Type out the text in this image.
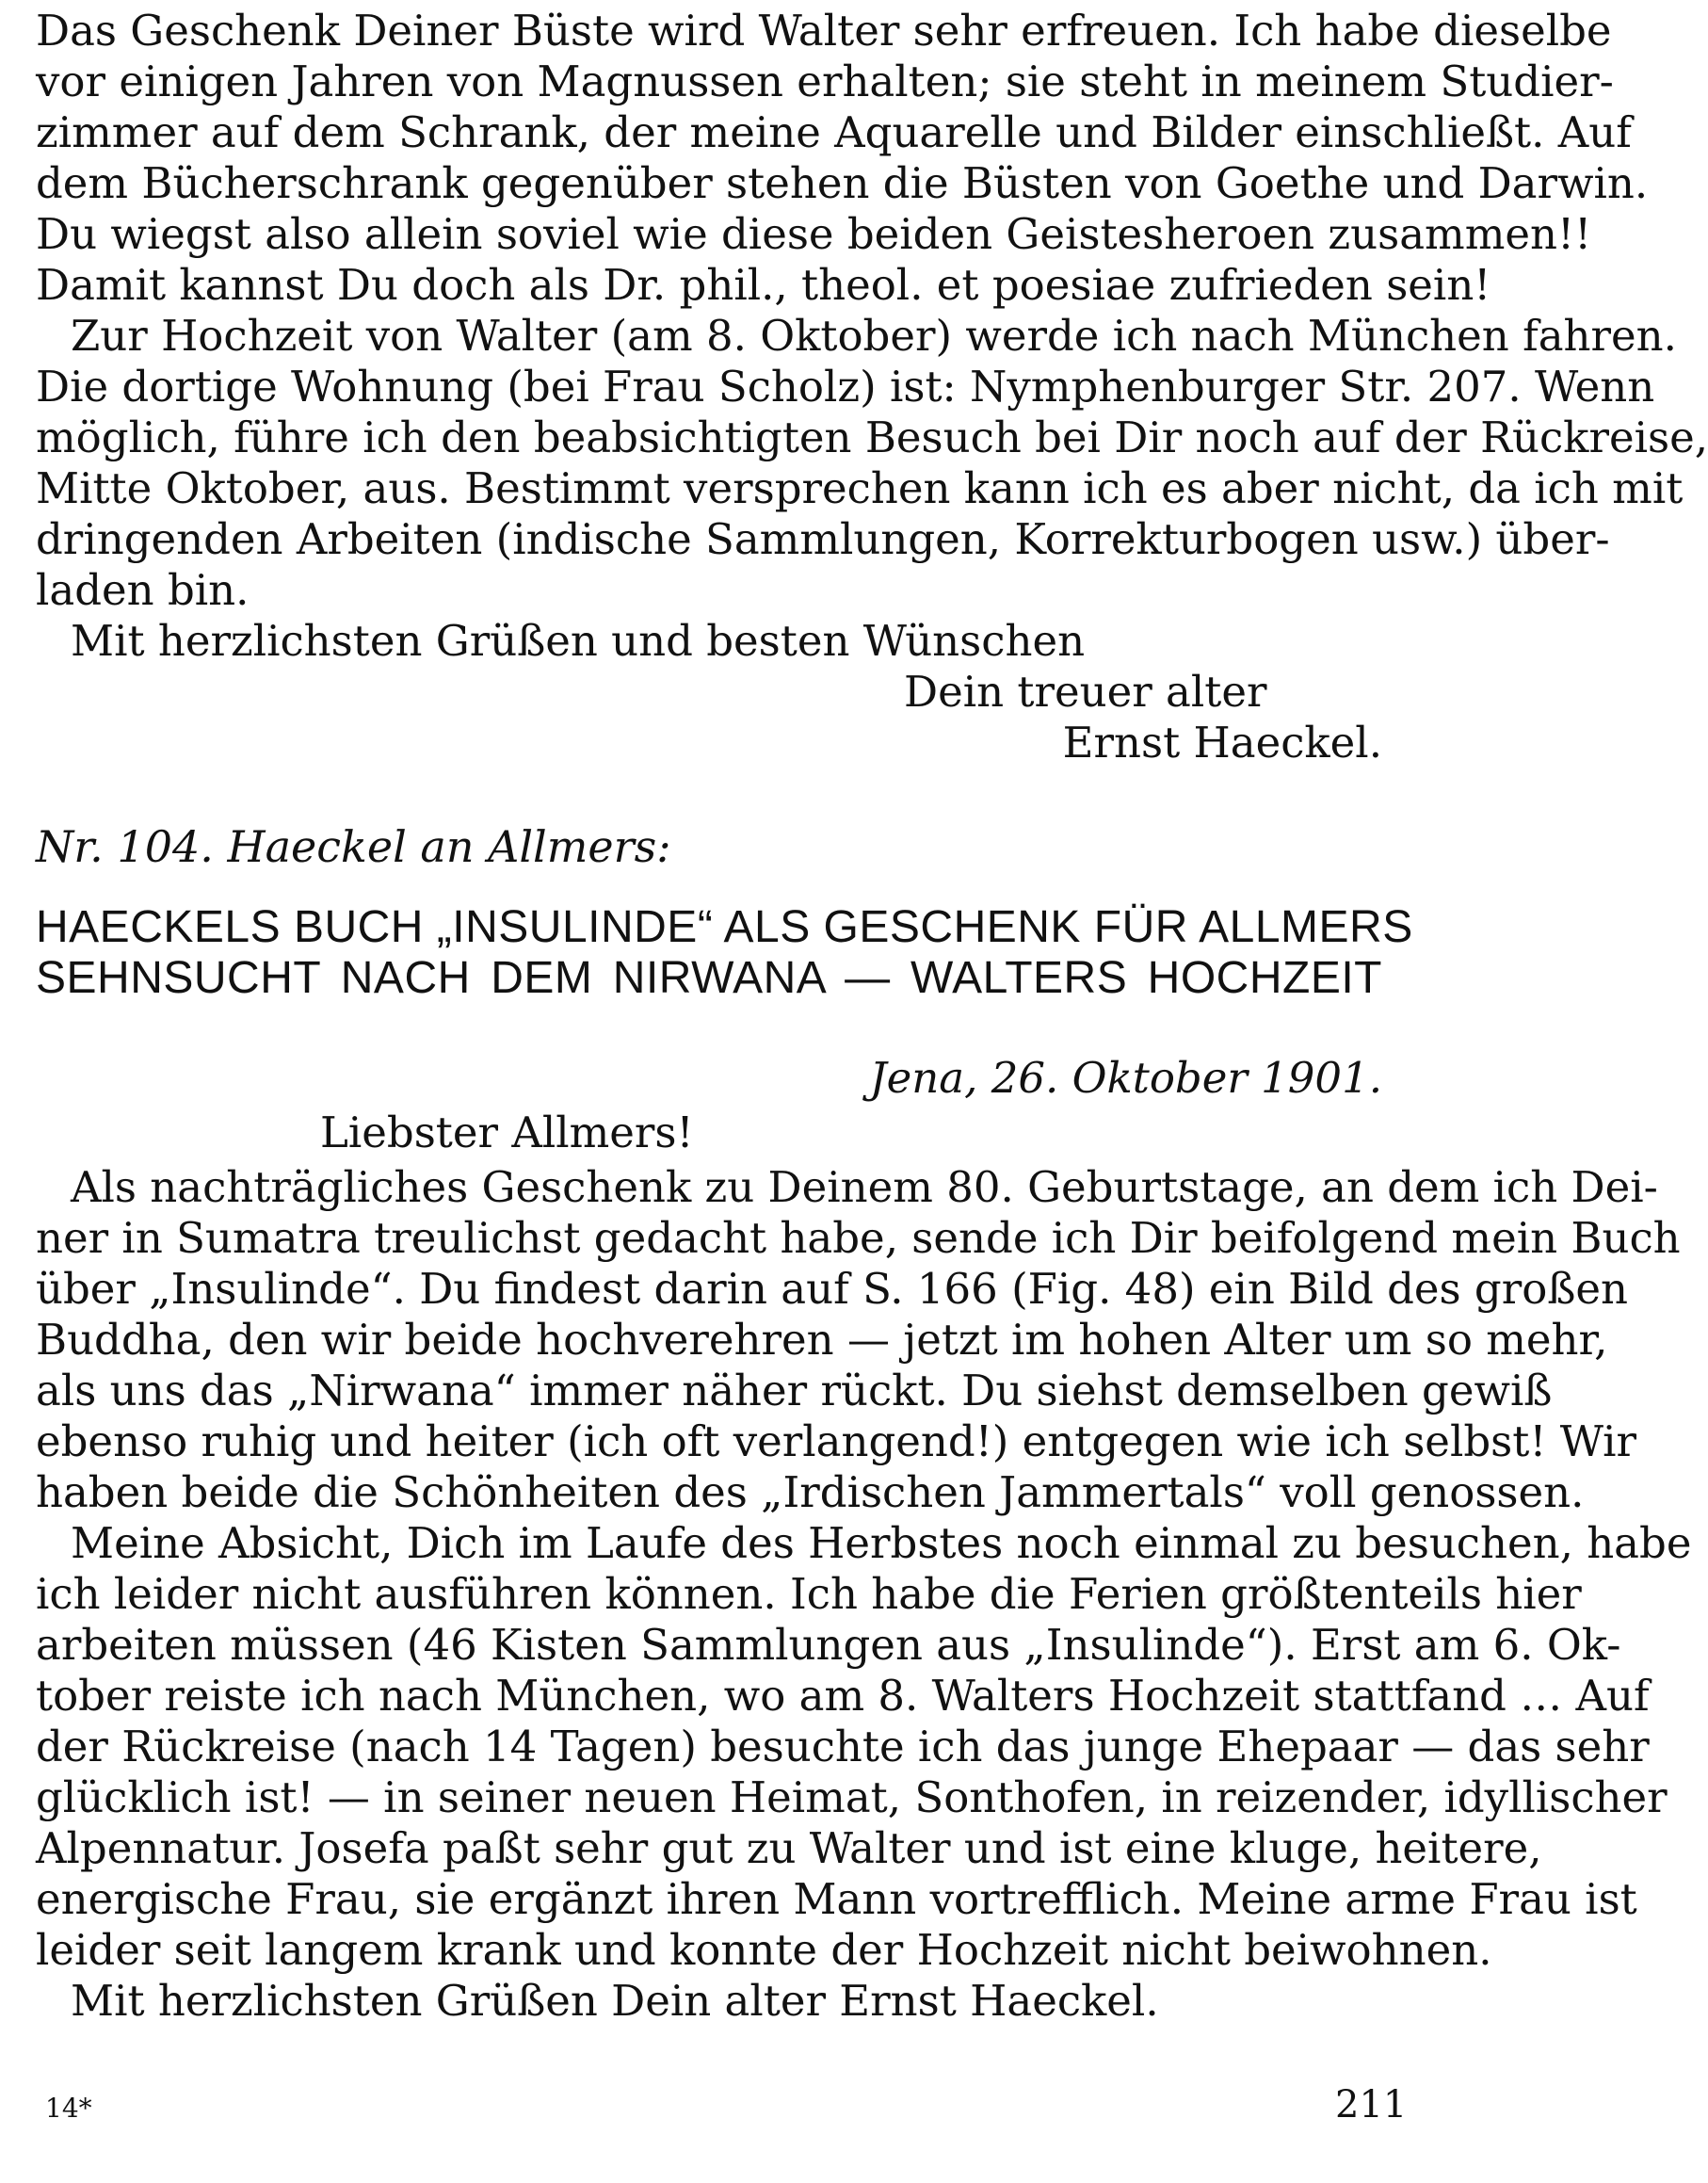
Das Geschenk Deiner Büste wird Walter sehr erfreuen. Ich habe dieselbe
vor einigen Jahren von Magnussen erhalten; sie steht in meinem Studier-
zimmer auf dem Schrank, der meine Aquarelle und Bilder einschließt. Auf
dem Bücherschrank gegenüber stehen die Büsten von Goethe und Darwin.
Du wiegst also allein soviel wie diese beiden Geistesheroen zusammen!!
Damit kannst Du doch als Dr. phil., theol. et poesiae zufrieden sein!
Zur Hochzeit von Walter (am 8. Oktober) werde ich nach München fahren.
Die dortige Wohnung (bei Frau Scholz) ist: Nymphenburger Str. 207. Wenn
möglich, führe ich den beabsichtigten Besuch bei Dir noch auf der Rückreise,
Mitte Oktober, aus. Bestimmt versprechen kann ich es aber nicht, da ich mit
dringenden Arbeiten (indische Sammlungen, Korrekturbogen usw.) über-
laden bin.
Mit herzlichsten Grüßen und besten Wünschen
Dein treuer alter
Ernst Haeckel.
Nr. 104. Haeckel an Allmers:
HAECKELS BUCH „INSULINDE“ ALS GESCHENK FÜR ALLMERS
SEHNSUCHT NACH DEM NIRWANA — WALTERS HOCHZEIT
Jena, 26. Oktober 1901.
Liebster Allmers!
Als nachträgliches Geschenk zu Deinem 80. Geburtstage, an dem ich Dei-
ner in Sumatra treulichst gedacht habe, sende ich Dir beifolgend mein Buch
über „Insulinde“. Du findest darin auf S. 166 (Fig. 48) ein Bild des großen
Buddha, den wir beide hochverehren — jetzt im hohen Alter um so mehr,
als uns das „Nirwana“ immer näher rückt. Du siehst demselben gewiß
ebenso ruhig und heiter (ich oft verlangend!) entgegen wie ich selbst! Wir
haben beide die Schönheiten des „Irdischen Jammertals“ voll genossen.
Meine Absicht, Dich im Laufe des Herbstes noch einmal zu besuchen, habe
ich leider nicht ausführen können. Ich habe die Ferien größtenteils hier
arbeiten müssen (46 Kisten Sammlungen aus „Insulinde“). Erst am 6. Ok-
tober reiste ich nach München, wo am 8. Walters Hochzeit stattfand … Auf
der Rückreise (nach 14 Tagen) besuchte ich das junge Ehepaar — das sehr
glücklich ist! — in seiner neuen Heimat, Sonthofen, in reizender, idyllischer
Alpennatur. Josefa paßt sehr gut zu Walter und ist eine kluge, heitere,
energische Frau, sie ergänzt ihren Mann vortrefflich. Meine arme Frau ist
leider seit langem krank und konnte der Hochzeit nicht beiwohnen.
Mit herzlichsten Grüßen Dein alter Ernst Haeckel.
14*	211
